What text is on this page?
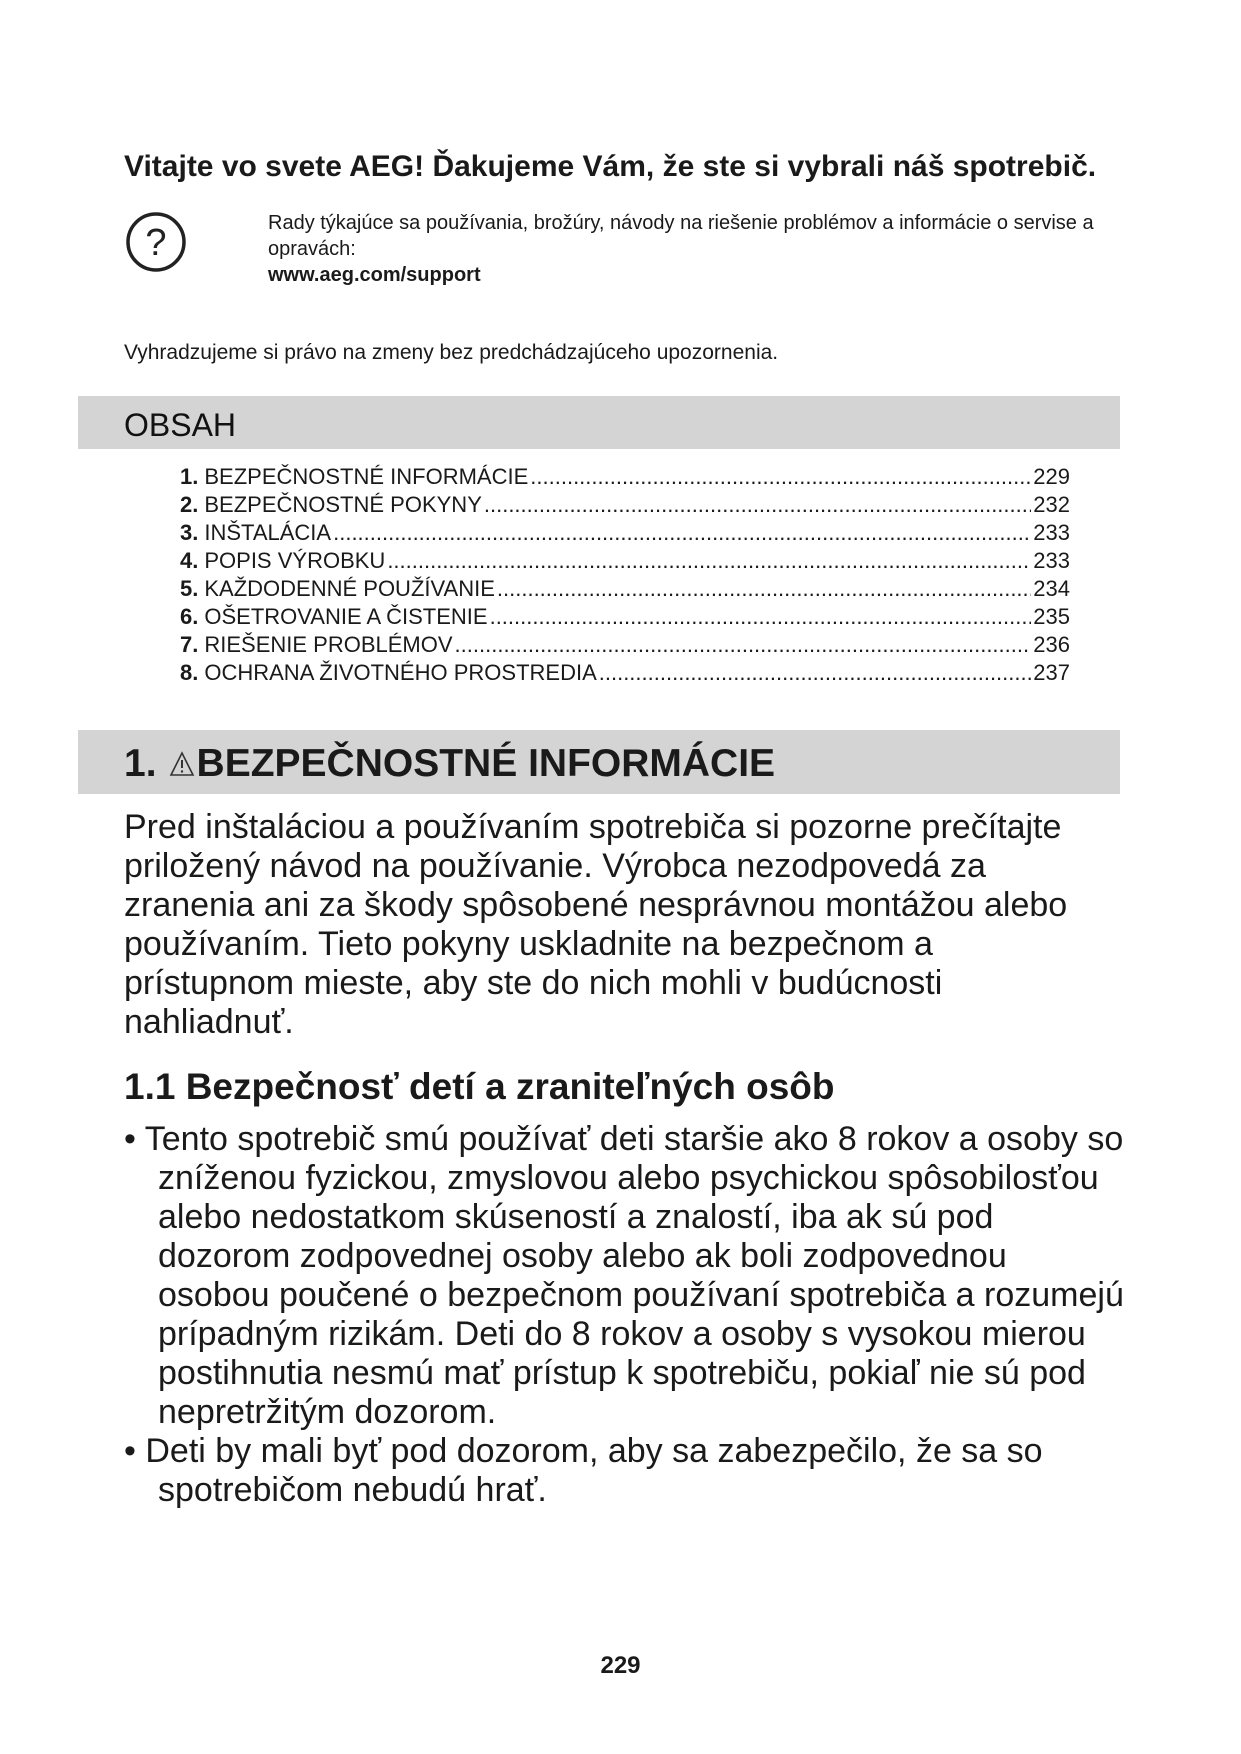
Vitajte vo svete AEG! Ďakujeme Vám, že ste si vybrali náš spotrebič.
?	Rady týkajúce sa používania, brožúry, návody na riešenie problémov a informácie o servise a opravách:
www.aeg.com/support
Vyhradzujeme si právo na zmeny bez predchádzajúceho upozornenia.
OBSAH
1. BEZPEČNOSTNÉ INFORMÁCIE .....	229
2. BEZPEČNOSTNÉ POKYNY .....	232
3. INŠTALÁCIA .....	233
4. POPIS VÝROBKU .....	233
5. KAŽDODENNÉ POUŽÍVANIE .....	234
6. OŠETROVANIE A ČISTENIE .....	235
7. RIEŠENIE PROBLÉMOV .....	236
8. OCHRANA ŽIVOTNÉHO PROSTREDIA .....	237
1. BEZPEČNOSTNÉ INFORMÁCIE

Pred inštaláciou a používaním spotrebiča si pozorne prečítajte priložený návod na používanie. Výrobca nezodpovedá za zranenia ani za škody spôsobené nesprávnou montážou alebo používaním. Tieto pokyny uskladnite na bezpečnom a prístupnom mieste, aby ste do nich mohli v budúcnosti nahliadnuť.

1.1 Bezpečnosť detí a zraniteľných osôb
• Tento spotrebič smú používať deti staršie ako 8 rokov a osoby so zníženou fyzickou, zmyslovou alebo psychickou spôsobilosťou alebo nedostatkom skúseností a znalostí, iba ak sú pod dozorom zodpovednej osoby alebo ak boli zodpovednou osobou poučené o bezpečnom používaní spotrebiča a rozumejú prípadným rizikám. Deti do 8 rokov a osoby s vysokou mierou postihnutia nesmú mať prístup k spotrebiču, pokiaľ nie sú pod nepretržitým dozorom.
• Deti by mali byť pod dozorom, aby sa zabezpečilo, že sa so spotrebičom nebudú hrať.
229
